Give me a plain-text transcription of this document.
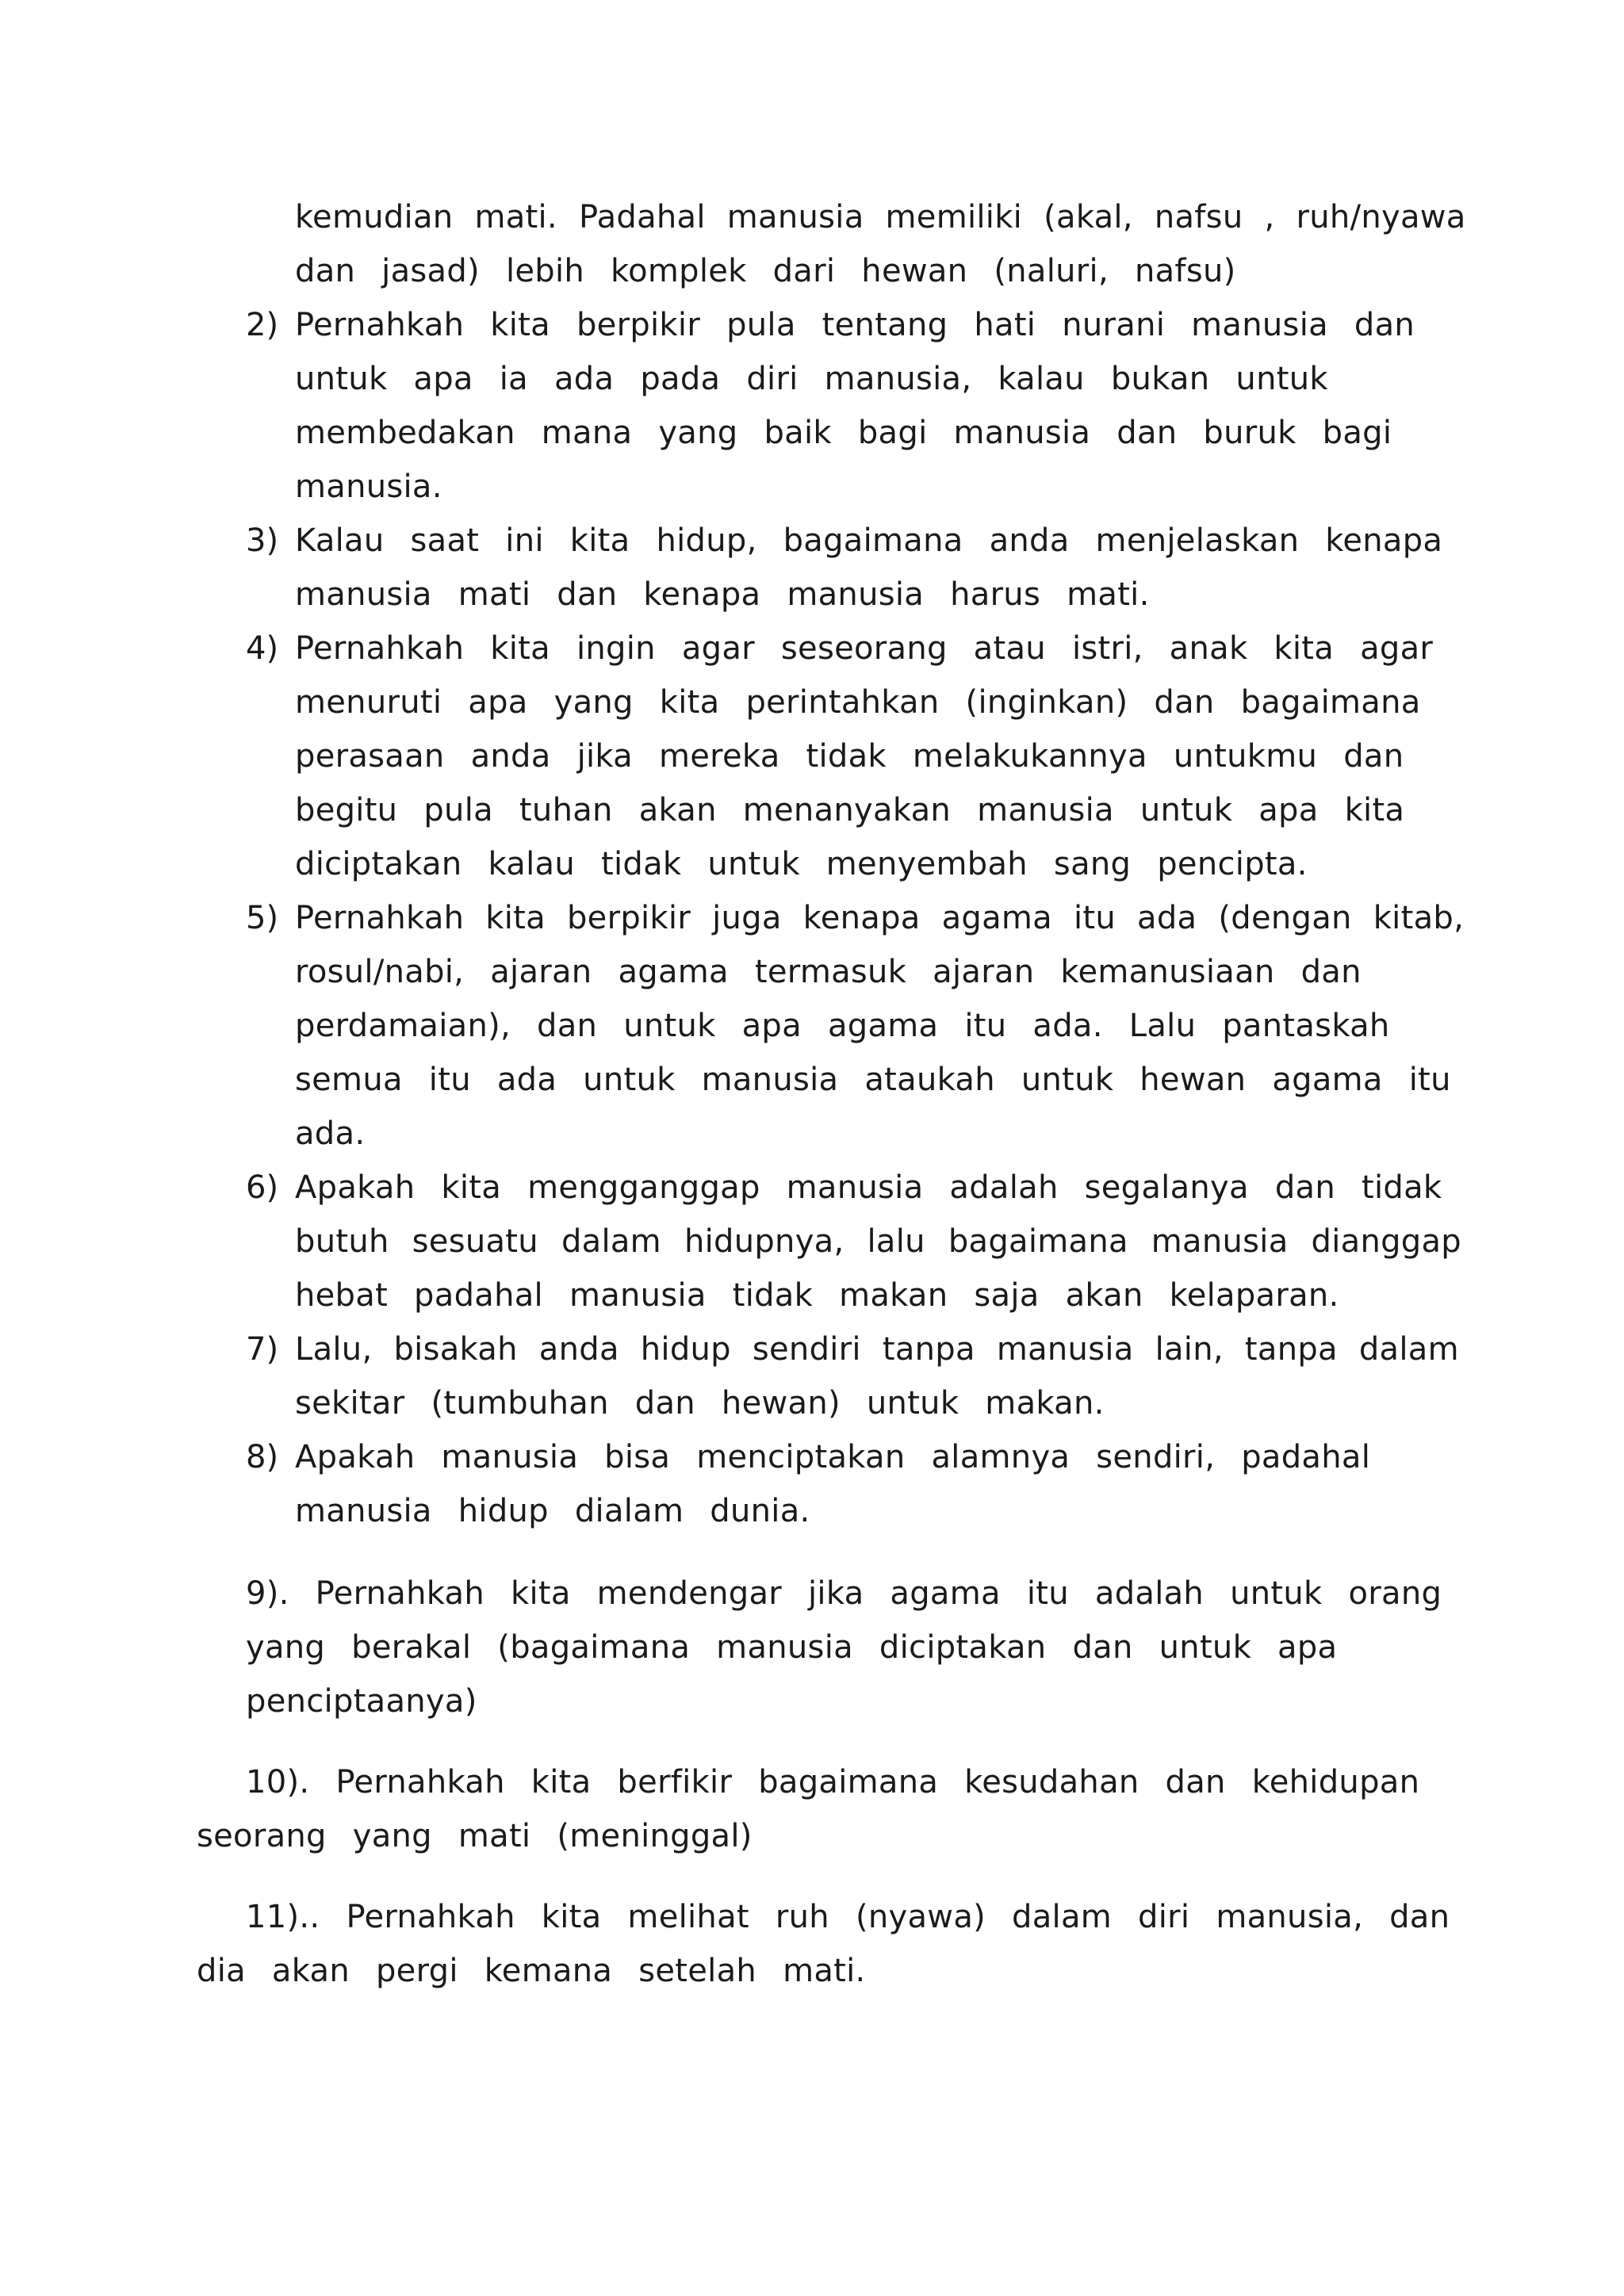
kemudian mati. Padahal manusia memiliki (akal, nafsu , ruh/nyawa
dan jasad) lebih komplek dari hewan (naluri, nafsu)
2) Pernahkah kita berpikir pula tentang hati nurani manusia dan
untuk apa ia ada pada diri manusia, kalau bukan untuk
membedakan mana yang baik bagi manusia dan buruk bagi
manusia.
3) Kalau saat ini kita hidup, bagaimana anda menjelaskan kenapa
manusia mati dan kenapa manusia harus mati.
4) Pernahkah kita ingin agar seseorang atau istri, anak kita agar
menuruti apa yang kita perintahkan (inginkan) dan bagaimana
perasaan anda jika mereka tidak melakukannya untukmu dan
begitu pula tuhan akan menanyakan manusia untuk apa kita
diciptakan kalau tidak untuk menyembah sang pencipta.
5) Pernahkah kita berpikir juga kenapa agama itu ada (dengan kitab,
rosul/nabi, ajaran agama termasuk ajaran kemanusiaan dan
perdamaian), dan untuk apa agama itu ada. Lalu pantaskah
semua itu ada untuk manusia ataukah untuk hewan agama itu
ada.
6) Apakah kita mengganggap manusia adalah segalanya dan tidak
butuh sesuatu dalam hidupnya, lalu bagaimana manusia dianggap
hebat padahal manusia tidak makan saja akan kelaparan.
7) Lalu, bisakah anda hidup sendiri tanpa manusia lain, tanpa dalam
sekitar (tumbuhan dan hewan) untuk makan.
8) Apakah manusia bisa menciptakan alamnya sendiri, padahal
manusia hidup dialam dunia.
9). Pernahkah kita mendengar jika agama itu adalah untuk orang
yang berakal (bagaimana manusia diciptakan dan untuk apa
penciptaanya)
10). Pernahkah kita berfikir bagaimana kesudahan dan kehidupan
seorang yang mati (meninggal)
11).. Pernahkah kita melihat ruh (nyawa) dalam diri manusia, dan
dia akan pergi kemana setelah mati.
